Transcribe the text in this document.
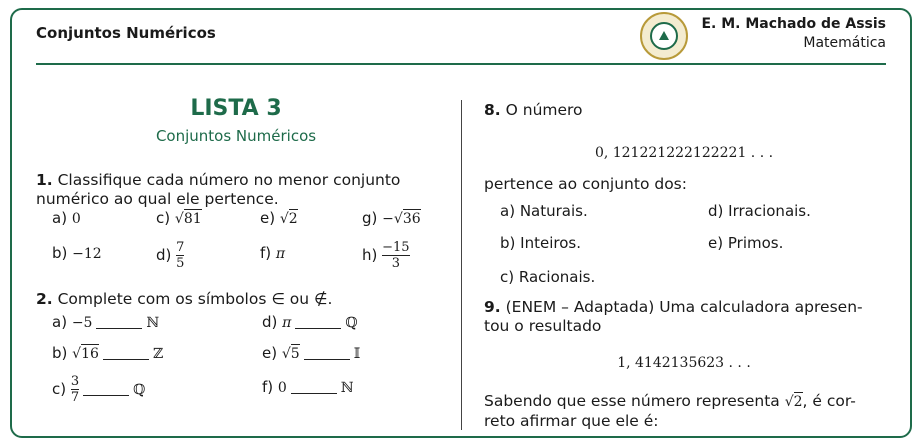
Conjuntos Numéricos	E. M. Machado de Assis
Matemática
LISTA 3
Conjuntos Numéricos
1. Classifique cada número no menor conjunto numérico ao qual ele pertence.
a) 0	c) √81	e) √2	g) −√36
b) −12	$d) \frac{7}{5}$	f) π	$h) \frac{-15}{3}$
2. Complete com os símbolos ∈ ou ∉.
a) −5	ℕ	d) π	ℚ
b) √16	ℤ	e) √5	𝕀
$c) \frac{3}{7}$	ℚ	f) 0	ℕ
8. O número
0, 121221222122221 . . .
pertence ao conjunto dos:
a) Naturais.	d) Irracionais.
b) Inteiros.	e) Primos.
c) Racionais.
9. (ENEM – Adaptada) Uma calculadora apresen-
tou o resultado
1, 4142135623 . . .
Sabendo que esse número representa √2, é cor-
reto afirmar que ele é:
